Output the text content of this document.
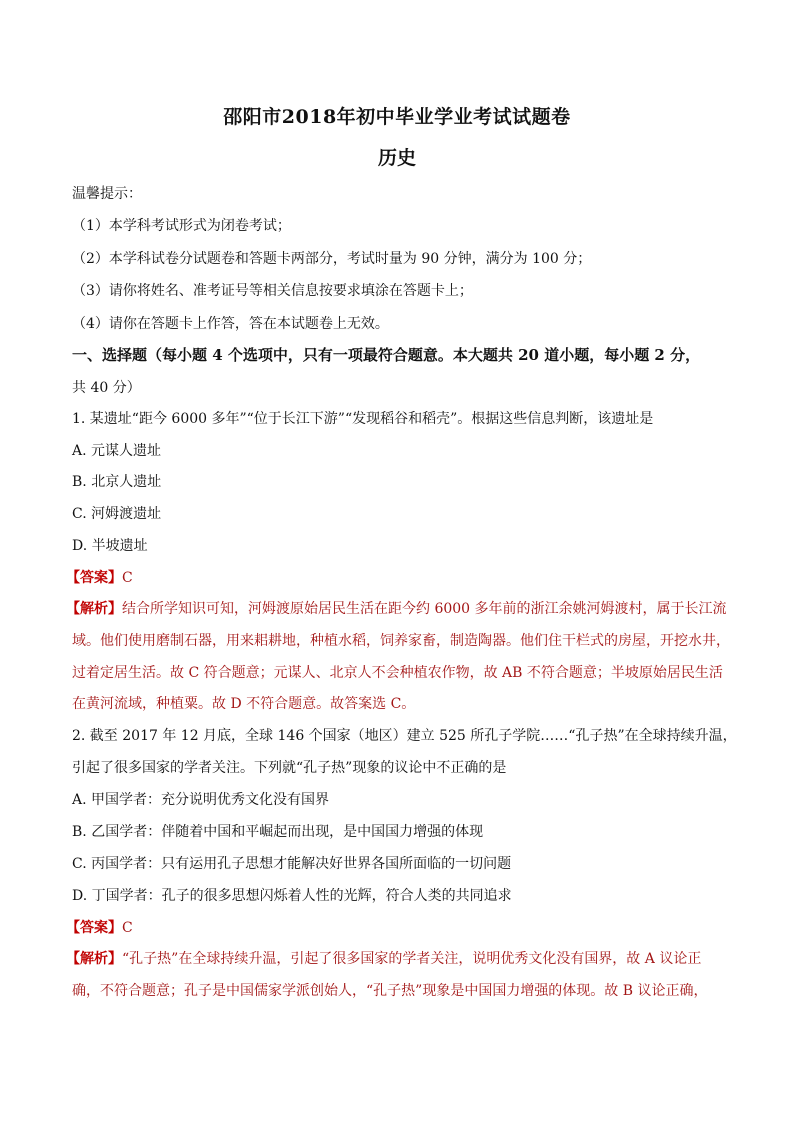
邵阳市2018年初中毕业学业考试试题卷
历史
温馨提示：
（1）本学科考试形式为闭卷考试；
（2）本学科试卷分试题卷和答题卡两部分，考试时量为 90 分钟，满分为 100 分；
（3）请你将姓名、准考证号等相关信息按要求填涂在答题卡上；
（4）请你在答题卡上作答，答在本试题卷上无效。
一、选择题（每小题 4 个选项中，只有一项最符合题意。本大题共 20 道小题，每小题 2 分，
共 40 分）
1. 某遗址“距今 6000 多年”“位于长江下游”“发现稻谷和稻壳”。根据这些信息判断，该遗址是
A. 元谋人遗址
B. 北京人遗址
C. 河姆渡遗址
D. 半坡遗址
【答案】C
【解析】结合所学知识可知，河姆渡原始居民生活在距今约 6000 多年前的浙江余姚河姆渡村，属于长江流
域。他们使用磨制石器，用来耜耕地，种植水稻，饲养家畜，制造陶器。他们住干栏式的房屋，开挖水井，
过着定居生活。故 C 符合题意；元谋人、北京人不会种植农作物，故 AB 不符合题意；半坡原始居民生活
在黄河流域，种植粟。故 D 不符合题意。故答案选 C。
2. 截至 2017 年 12 月底，全球 146 个国家（地区）建立 525 所孔子学院……“孔子热”在全球持续升温，
引起了很多国家的学者关注。下列就“孔子热”现象的议论中不正确的是
A. 甲国学者：充分说明优秀文化没有国界
B. 乙国学者：伴随着中国和平崛起而出现，是中国国力增强的体现
C. 丙国学者：只有运用孔子思想才能解决好世界各国所面临的一切问题
D. 丁国学者：孔子的很多思想闪烁着人性的光辉，符合人类的共同追求
【答案】C
【解析】“孔子热”在全球持续升温，引起了很多国家的学者关注，说明优秀文化没有国界，故 A 议论正
确，不符合题意；孔子是中国儒家学派创始人，“孔子热”现象是中国国力增强的体现。故 B 议论正确，
